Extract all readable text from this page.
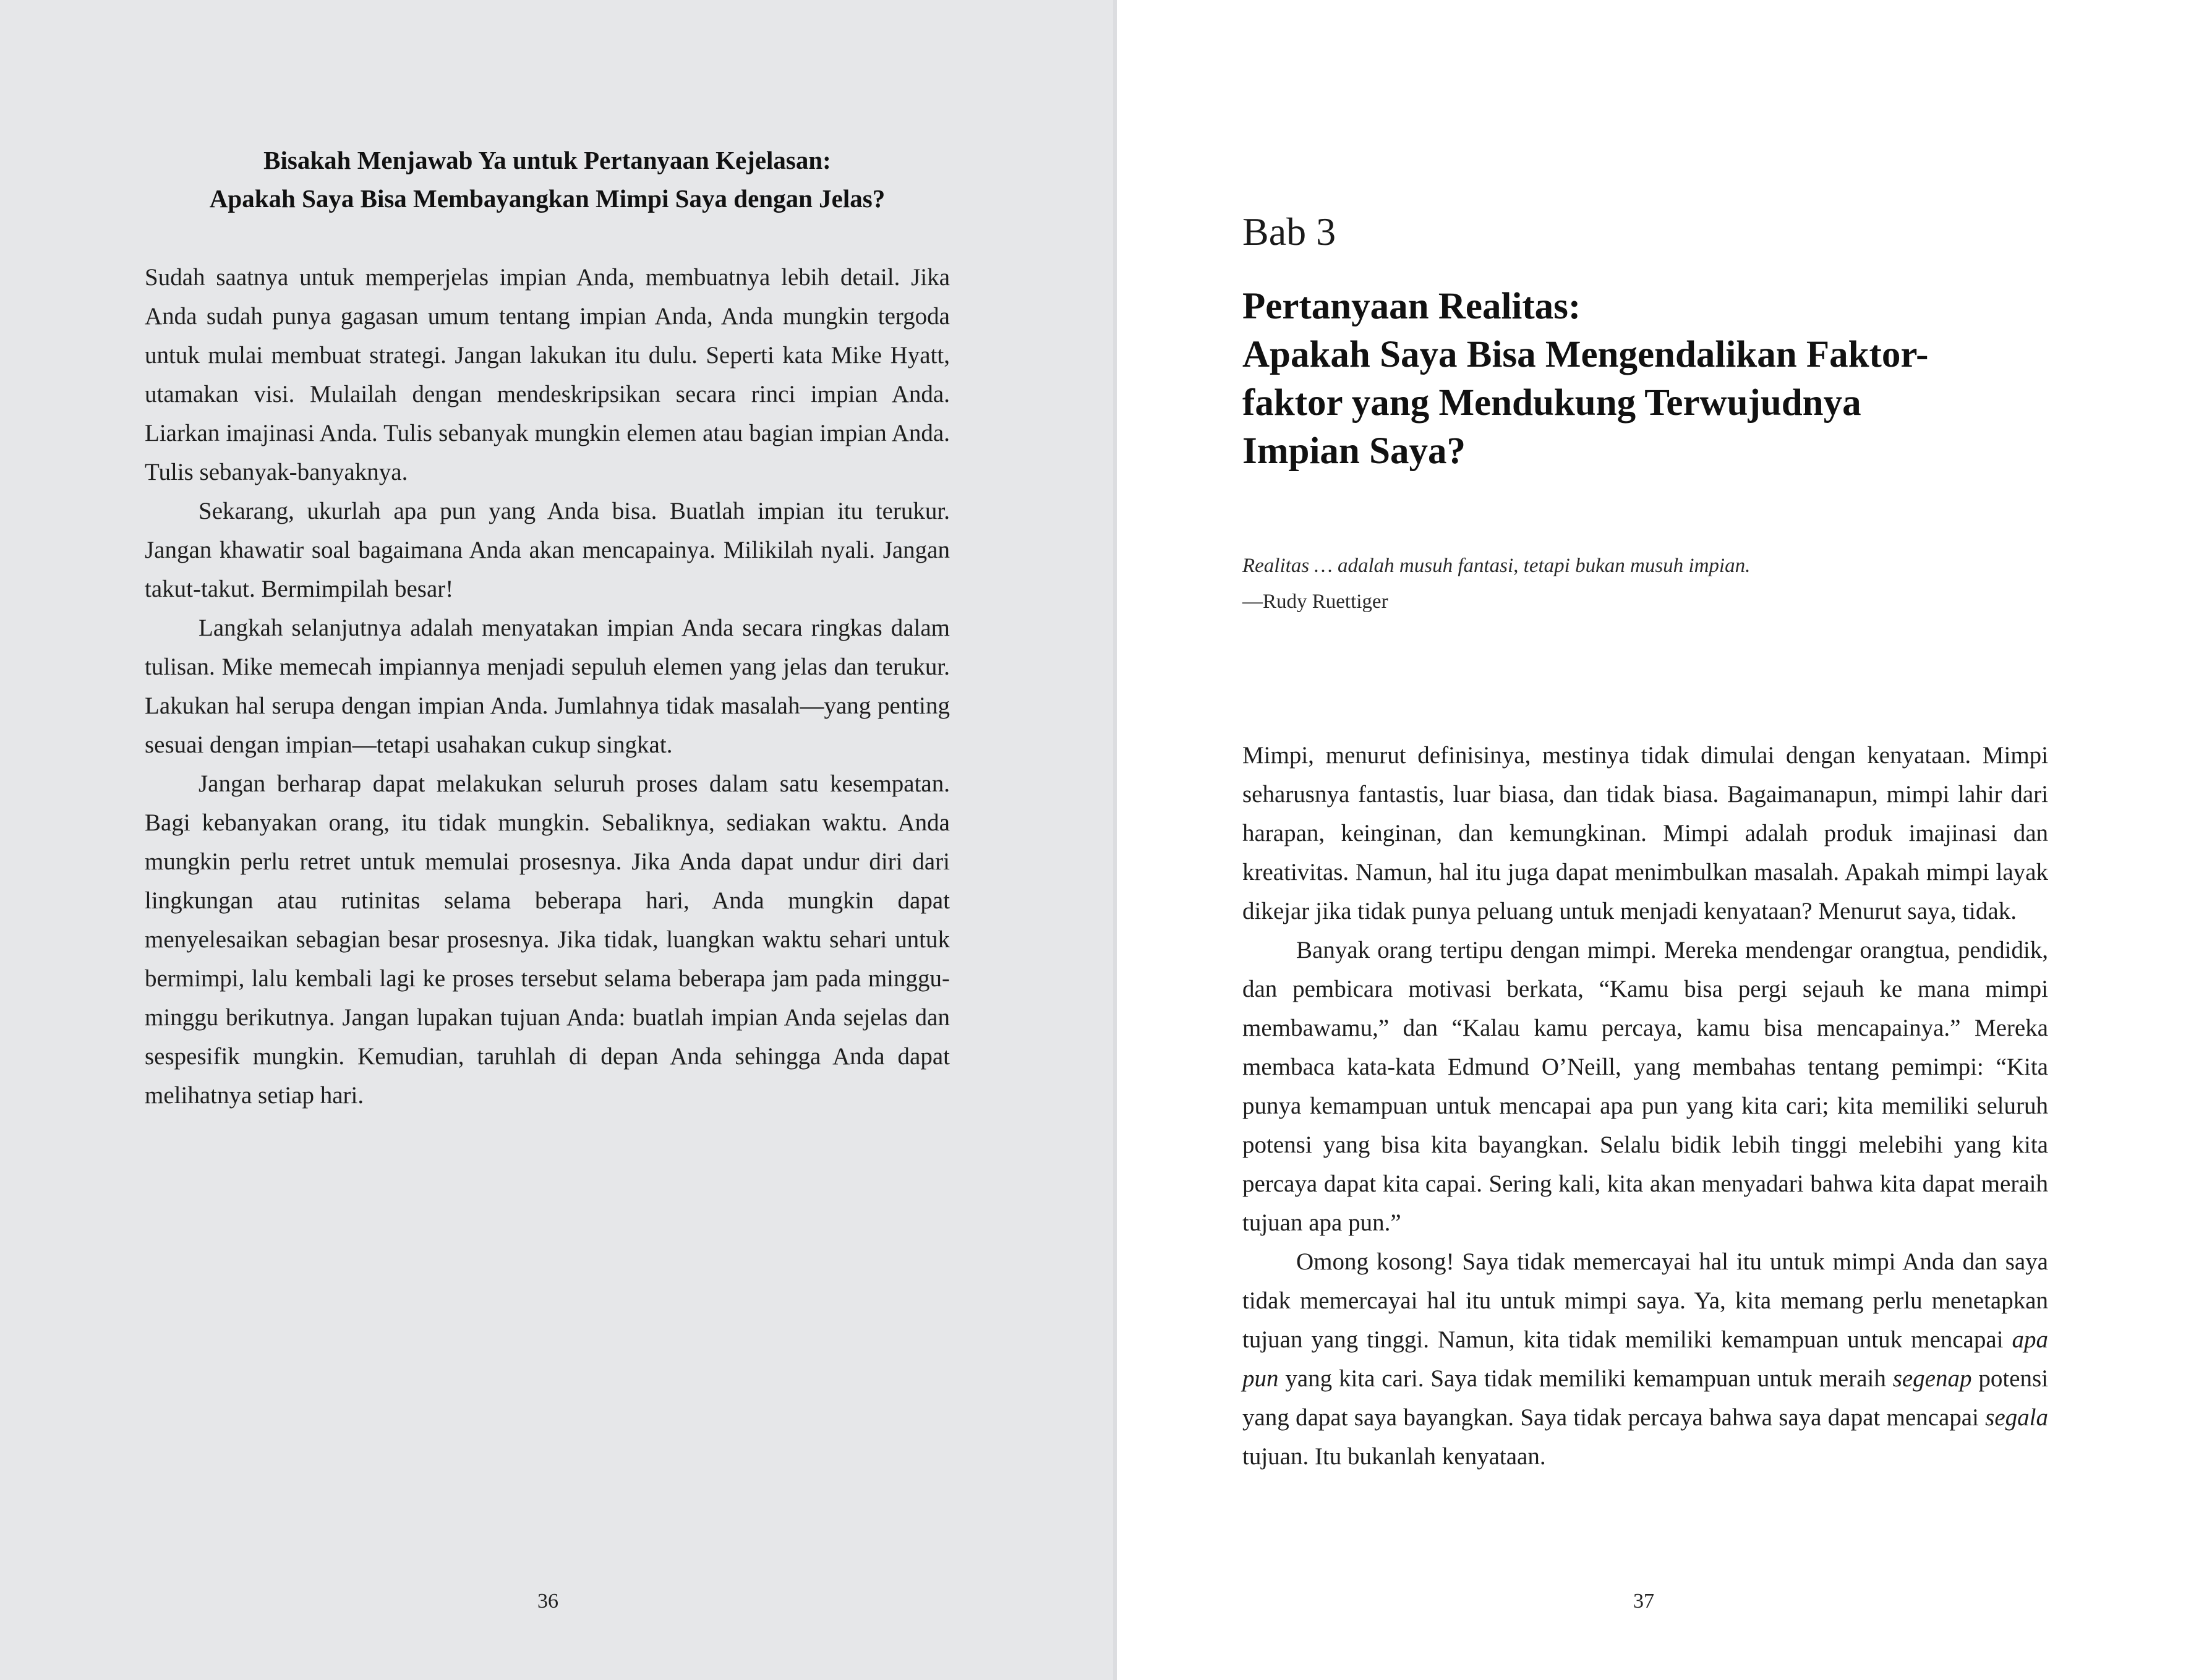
Bisakah Menjawab Ya untuk Pertanyaan Kejelasan:
Apakah Saya Bisa Membayangkan Mimpi Saya dengan Jelas?

Sudah saatnya untuk memperjelas impian Anda, membuatnya lebih detail. Jika Anda sudah punya gagasan umum tentang impian Anda, Anda mungkin tergoda untuk mulai membuat strategi. Jangan lakukan itu dulu. Seperti kata Mike Hyatt, utamakan visi. Mulailah dengan mendeskripsikan secara rinci impian Anda. Liarkan imajinasi Anda. Tulis sebanyak mungkin elemen atau bagian impian Anda. Tulis sebanyak-banyaknya.

Sekarang, ukurlah apa pun yang Anda bisa. Buatlah impian itu terukur. Jangan khawatir soal bagaimana Anda akan mencapainya. Milikilah nyali. Jangan takut-takut. Bermimpilah besar!

Langkah selanjutnya adalah menyatakan impian Anda secara ringkas dalam tulisan. Mike memecah impiannya menjadi sepuluh elemen yang jelas dan terukur. Lakukan hal serupa dengan impian Anda. Jumlahnya tidak masalah—yang penting sesuai dengan impian—tetapi usahakan cukup singkat.

Jangan berharap dapat melakukan seluruh proses dalam satu kesempatan. Bagi kebanyakan orang, itu tidak mungkin. Sebaliknya, sediakan waktu. Anda mungkin perlu retret untuk memulai prosesnya. Jika Anda dapat undur diri dari lingkungan atau rutinitas selama beberapa hari, Anda mungkin dapat menyelesaikan sebagian besar prosesnya. Jika tidak, luangkan waktu sehari untuk bermimpi, lalu kembali lagi ke proses tersebut selama beberapa jam pada minggu-minggu berikutnya. Jangan lupakan tujuan Anda: buatlah impian Anda sejelas dan sespesifik mungkin. Kemudian, taruhlah di depan Anda sehingga Anda dapat melihatnya setiap hari.

36
Bab 3
Pertanyaan Realitas:
Apakah Saya Bisa Mengendalikan Faktor-
faktor yang Mendukung Terwujudnya
Impian Saya?
Realitas … adalah musuh fantasi, tetapi bukan musuh impian.
—Rudy Ruettiger

Mimpi, menurut definisinya, mestinya tidak dimulai dengan kenyataan. Mimpi seharusnya fantastis, luar biasa, dan tidak biasa. Bagaimanapun, mimpi lahir dari harapan, keinginan, dan kemungkinan. Mimpi adalah produk imajinasi dan kreativitas. Namun, hal itu juga dapat menimbulkan masalah. Apakah mimpi layak dikejar jika tidak punya peluang untuk menjadi kenyataan? Menurut saya, tidak.

Banyak orang tertipu dengan mimpi. Mereka mendengar orangtua, pendidik, dan pembicara motivasi berkata, “Kamu bisa pergi sejauh ke mana mimpi membawamu,” dan “Kalau kamu percaya, kamu bisa mencapainya.” Mereka membaca kata-kata Edmund O’Neill, yang membahas tentang pemimpi: “Kita punya kemampuan untuk mencapai apa pun yang kita cari; kita memiliki seluruh potensi yang bisa kita bayangkan. Selalu bidik lebih tinggi melebihi yang kita percaya dapat kita capai. Sering kali, kita akan menyadari bahwa kita dapat meraih tujuan apa pun.”

Omong kosong! Saya tidak memercayai hal itu untuk mimpi Anda dan saya tidak memercayai hal itu untuk mimpi saya. Ya, kita memang perlu menetapkan tujuan yang tinggi. Namun, kita tidak memiliki kemampuan untuk mencapai apa pun yang kita cari. Saya tidak memiliki kemampuan untuk meraih segenap potensi yang dapat saya bayangkan. Saya tidak percaya bahwa saya dapat mencapai segala tujuan. Itu bukanlah kenyataan.

37
